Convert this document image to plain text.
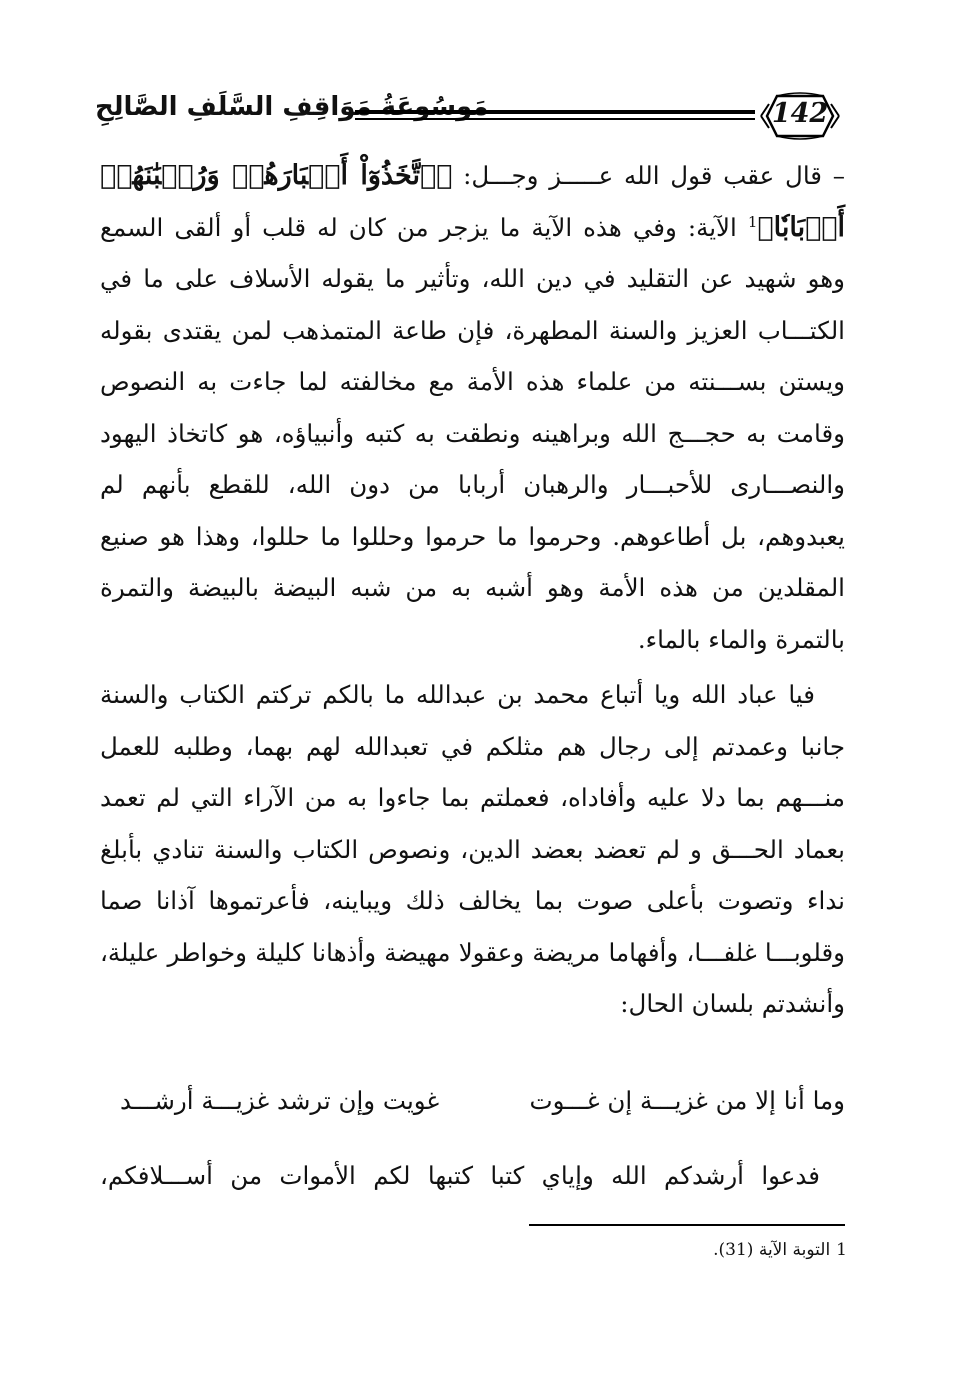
مَوسُوعَةُ مَوَاقِفِ السَّلَفِ الصَّالِحِ	142

– قال عقب قول الله عـــــز وجـــل: ﴿ٱتَّخَذُوٓاْ أَحۡبَارَهُمۡ وَرُهۡبَٰنَهُمۡ أَرۡبَابٗا﴾$^1$ الآية: وفي هذه الآية ما يزجر من كان له قلب أو ألقى السمع وهو شهيد عن التقليد في دين الله، وتأثير ما يقوله الأسلاف على ما في الكتـــاب العزيز والسنة المطهرة، فإن طاعة المتمذهب لمن يقتدى بقوله ويستن بســـنته من علماء هذه الأمة مع مخالفته لما جاءت به النصوص وقامت به حجـــج الله وبراهينه ونطقت به كتبه وأنبياؤه، هو كاتخاذ اليهود والنصـــارى للأحبـــار والرهبان أربابا من دون الله، للقطع بأنهم لم يعبدوهم، بل أطاعوهم. وحرموا ما حرموا وحللوا ما حللوا، وهذا هو صنيع المقلدين من هذه الأمة وهو أشبه به من شبه البيضة بالبيضة والتمرة بالتمرة والماء بالماء.

فيا عباد الله ويا أتباع محمد بن عبدالله ما بالكم تركتم الكتاب والسنة جانبا وعمدتم إلى رجال هم مثلكم في تعبدالله لهم بهما، وطلبه للعمل منـــهم بما دلا عليه وأفاداه، فعملتم بما جاءوا به من الآراء التي لم تعمد بعماد الحـــق و لم تعضد بعضد الدين، ونصوص الكتاب والسنة تنادي بأبلغ نداء وتصوت بأعلى صوت بما يخالف ذلك ويباينه، فأعرتموها آذانا صما وقلوبـــا غلفـــا، وأفهاما مريضة وعقولا مهيضة وأذهانا كليلة وخواطر عليلة، وأنشدتم بلسان الحال:

وما أنا إلا من غزيـــة إن غـــوت
غويت وإن ترشد غزيـــة أرشـــد
فدعوا أرشدكم الله وإياي كتبا كتبها لكم الأموات من أســـلافكم،
1التوبة الآية (31).
